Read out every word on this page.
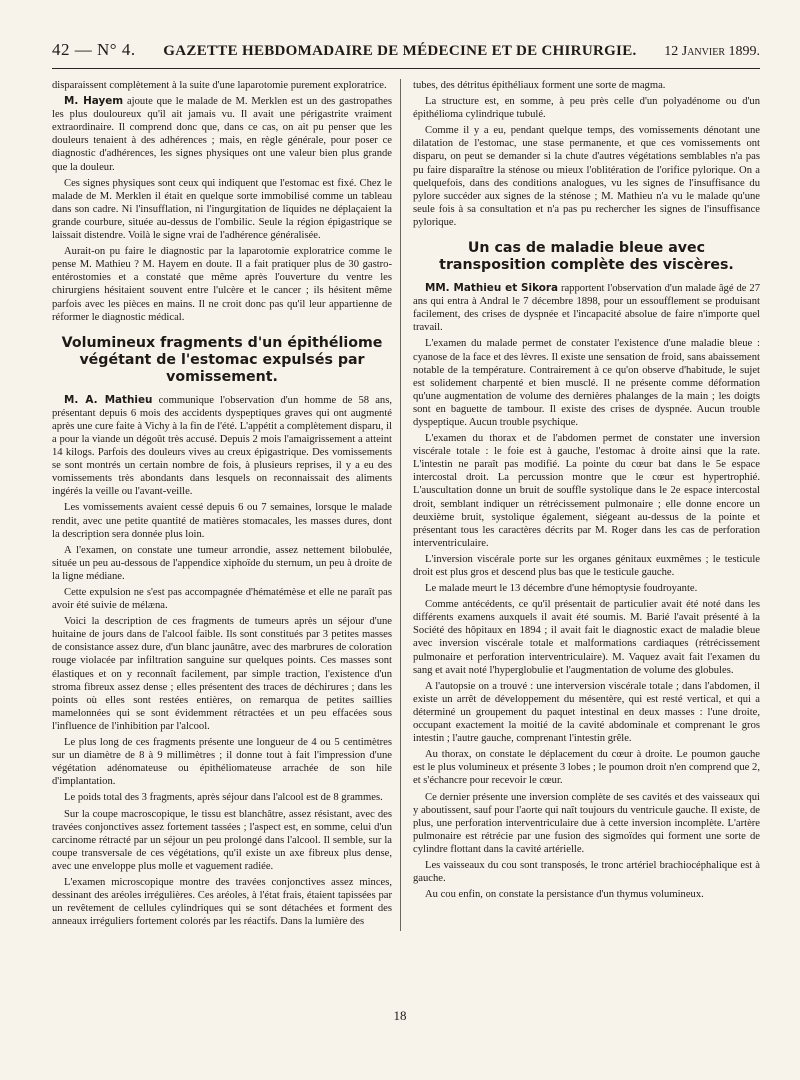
42 — N° 4. GAZETTE HEBDOMADAIRE DE MÉDECINE ET DE CHIRURGIE. 12 Janvier 1899.

disparaissent complètement à la suite d'une laparotomie purement exploratrice.

M. Hayem ajoute que le malade de M. Merklen est un des gastropathes les plus douloureux qu'il ait jamais vu. Il avait une périgastrite vraiment extraordinaire. Il comprend donc que, dans ce cas, on ait pu penser que les douleurs tenaient à des adhérences ; mais, en règle générale, pour poser ce diagnostic d'adhérences, les signes physiques ont une valeur bien plus grande que la douleur.

Ces signes physiques sont ceux qui indiquent que l'estomac est fixé. Chez le malade de M. Merklen il était en quelque sorte immobilisé comme un tableau dans son cadre. Ni l'insufflation, ni l'ingurgitation de liquides ne déplaçaient la grande courbure, située au-dessus de l'ombilic. Seule la région épigastrique se laissait distendre. Voilà le signe vrai de l'adhérence généralisée.

Aurait-on pu faire le diagnostic par la laparotomie exploratrice comme le pense M. Mathieu ? M. Hayem en doute. Il a fait pratiquer plus de 30 gastro-entérostomies et a constaté que même après l'ouverture du ventre les chirurgiens hésitaient souvent entre l'ulcère et le cancer ; ils hésitent même parfois avec les pièces en mains. Il ne croit donc pas qu'il leur appartienne de réformer le diagnostic médical.

Volumineux fragments d'un épithéliome végétant de l'estomac expulsés par vomissement.

M. A. Mathieu communique l'observation d'un homme de 58 ans, présentant depuis 6 mois des accidents dyspeptiques graves qui ont augmenté après une cure faite à Vichy à la fin de l'été. L'appétit a complètement disparu, il a pour la viande un dégoût très accusé. Depuis 2 mois l'amaigrissement a atteint 14 kilogs. Parfois des douleurs vives au creux épigastrique. Des vomissements se sont montrés un certain nombre de fois, à plusieurs reprises, il y a eu des vomissements très abondants dans lesquels on reconnaissait des aliments ingérés la veille ou l'avant-veille.

Les vomissements avaient cessé depuis 6 ou 7 semaines, lorsque le malade rendit, avec une petite quantité de matières stomacales, les masses dures, dont la description sera donnée plus loin.

A l'examen, on constate une tumeur arrondie, assez nettement bilobulée, située un peu au-dessous de l'appendice xiphoïde du sternum, un peu à droite de la ligne médiane.

Cette expulsion ne s'est pas accompagnée d'hématémèse et elle ne paraît pas avoir été suivie de mélæna.

Voici la description de ces fragments de tumeurs après un séjour d'une huitaine de jours dans de l'alcool faible. Ils sont constitués par 3 petites masses de consistance assez dure, d'un blanc jaunâtre, avec des marbrures de coloration rouge violacée par infiltration sanguine sur quelques points. Ces masses sont élastiques et on y reconnaît facilement, par simple traction, l'existence d'un stroma fibreux assez dense ; elles présentent des traces de déchirures ; dans les points où elles sont restées entières, on remarqua de petites saillies mamelonnées qui se sont évidemment rétractées et un peu effacées sous l'influence de l'inhibition par l'alcool.

Le plus long de ces fragments présente une longueur de 4 ou 5 centimètres sur un diamètre de 8 à 9 millimètres ; il donne tout à fait l'impression d'une végétation adénomateuse ou épithéliomateuse arrachée de son hile d'implantation.

Le poids total des 3 fragments, après séjour dans l'alcool est de 8 grammes.

Sur la coupe macroscopique, le tissu est blanchâtre, assez résistant, avec des travées conjonctives assez fortement tassées ; l'aspect est, en somme, celui d'un carcinome rétracté par un séjour un peu prolongé dans l'alcool. Il semble, sur la coupe transversale de ces végétations, qu'il existe un axe fibreux plus dense, avec une enveloppe plus molle et vaguement radiée.

L'examen microscopique montre des travées conjonctives assez minces, dessinant des aréoles irrégulières. Ces aréoles, à l'état frais, étaient tapissées par un revêtement de cellules cylindriques qui se sont détachées et forment des anneaux irréguliers fortement colorés par les réactifs. Dans la lumière des

tubes, des détritus épithéliaux forment une sorte de magma.

La structure est, en somme, à peu près celle d'un polyadénome ou d'un épithélioma cylindrique tubulé.

Comme il y a eu, pendant quelque temps, des vomissements dénotant une dilatation de l'estomac, une stase permanente, et que ces vomissements ont disparu, on peut se demander si la chute d'autres végétations semblables n'a pas pu faire disparaître la sténose ou mieux l'oblitération de l'orifice pylorique. On a quelquefois, dans des conditions analogues, vu les signes de l'insuffisance du pylore succéder aux signes de la sténose ; M. Mathieu n'a vu le malade qu'une seule fois à sa consultation et n'a pas pu rechercher les signes de l'insuffisance pylorique.

Un cas de maladie bleue avec transposition complète des viscères.

MM. Mathieu et Sikora rapportent l'observation d'un malade âgé de 27 ans qui entra à Andral le 7 décembre 1898, pour un essoufflement se produisant facilement, des crises de dyspnée et l'incapacité absolue de faire n'importe quel travail.

L'examen du malade permet de constater l'existence d'une maladie bleue : cyanose de la face et des lèvres. Il existe une sensation de froid, sans abaissement notable de la température. Contrairement à ce qu'on observe d'habitude, le sujet est solidement charpenté et bien musclé. Il ne présente comme déformation qu'une augmentation de volume des dernières phalanges de la main ; les doigts sont en baguette de tambour. Il existe des crises de dyspnée. Aucun trouble dyspeptique. Aucun trouble psychique.

L'examen du thorax et de l'abdomen permet de constater une inversion viscérale totale : le foie est à gauche, l'estomac à droite ainsi que la rate. L'intestin ne paraît pas modifié. La pointe du cœur bat dans le 5e espace intercostal droit. La percussion montre que le cœur est hypertrophié. L'auscultation donne un bruit de souffle systolique dans le 2e espace intercostal droit, semblant indiquer un rétrécissement pulmonaire ; elle donne encore un deuxième bruit, systolique également, siégeant au-dessus de la pointe et présentant tous les caractères décrits par M. Roger dans les cas de perforation interventriculaire.

L'inversion viscérale porte sur les organes génitaux euxmêmes ; le testicule droit est plus gros et descend plus bas que le testicule gauche.

Le malade meurt le 13 décembre d'une hémoptysie foudroyante.

Comme antécédents, ce qu'il présentait de particulier avait été noté dans les différents examens auxquels il avait été soumis. M. Barié l'avait présenté à la Société des hôpitaux en 1894 ; il avait fait le diagnostic exact de maladie bleue avec inversion viscérale totale et malformations cardiaques (rétrécissement pulmonaire et perforation interventriculaire). M. Vaquez avait fait l'examen du sang et avait noté l'hyperglobulie et l'augmentation de volume des globules.

A l'autopsie on a trouvé : une interversion viscérale totale ; dans l'abdomen, il existe un arrêt de développement du mésentère, qui est resté vertical, et qui a déterminé un groupement du paquet intestinal en deux masses : l'une droite, occupant exactement la moitié de la cavité abdominale et comprenant le gros intestin ; l'autre gauche, comprenant l'intestin grêle.

Au thorax, on constate le déplacement du cœur à droite. Le poumon gauche est le plus volumineux et présente 3 lobes ; le poumon droit n'en comprend que 2, et s'échancre pour recevoir le cœur.

Ce dernier présente une inversion complète de ses cavités et des vaisseaux qui y aboutissent, sauf pour l'aorte qui naît toujours du ventricule gauche. Il existe, de plus, une perforation interventriculaire due à cette inversion incomplète. L'artère pulmonaire est rétrécie par une fusion des sigmoïdes qui forment une sorte de cylindre flottant dans la cavité artérielle.

Les vaisseaux du cou sont transposés, le tronc artériel brachiocéphalique est à gauche.

Au cou enfin, on constate la persistance d'un thymus volumineux.

18
